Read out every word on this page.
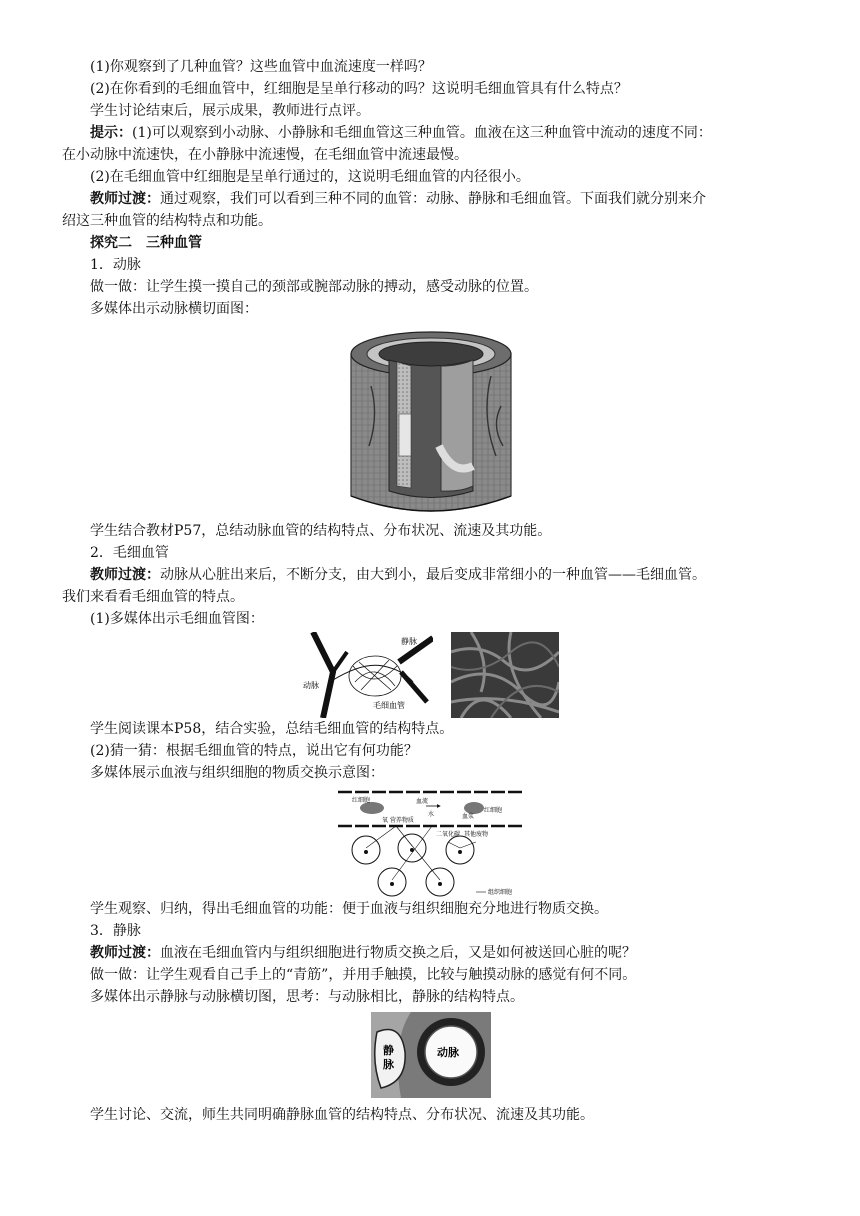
(1)你观察到了几种血管？这些血管中血流速度一样吗？

(2)在你看到的毛细血管中，红细胞是呈单行移动的吗？这说明毛细血管具有什么特点？

学生讨论结束后，展示成果，教师进行点评。

提示：(1)可以观察到小动脉、小静脉和毛细血管这三种血管。血液在这三种血管中流动的速度不同：

在小动脉中流速快，在小静脉中流速慢，在毛细血管中流速最慢。

(2)在毛细血管中红细胞是呈单行通过的，这说明毛细血管的内径很小。

教师过渡：通过观察，我们可以看到三种不同的血管：动脉、静脉和毛细血管。下面我们就分别来介

绍这三种血管的结构特点和功能。

探究二　三种血管

1．动脉

做一做：让学生摸一摸自己的颈部或腕部动脉的搏动，感受动脉的位置。

多媒体出示动脉横切面图：

学生结合教材P57，总结动脉血管的结构特点、分布状况、流速及其功能。

2．毛细血管

教师过渡：动脉从心脏出来后，不断分支，由大到小，最后变成非常细小的一种血管——毛细血管。

我们来看看毛细血管的特点。

(1)多媒体出示毛细血管图：

静脉
动脉
毛细血管

学生阅读课本P58，结合实验，总结毛细血管的结构特点。

(2)猜一猜：根据毛细血管的特点，说出它有何功能？

多媒体展示血液与组织细胞的物质交换示意图：

红细胞	血流
血浆
红细胞
氧 营养物质
水
二氧化碳 其他废物
组织细胞

学生观察、归纳，得出毛细血管的功能：便于血液与组织细胞充分地进行物质交换。

3．静脉

教师过渡：血液在毛细血管内与组织细胞进行物质交换之后，又是如何被送回心脏的呢？

做一做：让学生观看自己手上的“青筋”，并用手触摸，比较与触摸动脉的感觉有何不同。

多媒体出示静脉与动脉横切图，思考：与动脉相比，静脉的结构特点。

静
脉
动脉

学生讨论、交流，师生共同明确静脉血管的结构特点、分布状况、流速及其功能。
